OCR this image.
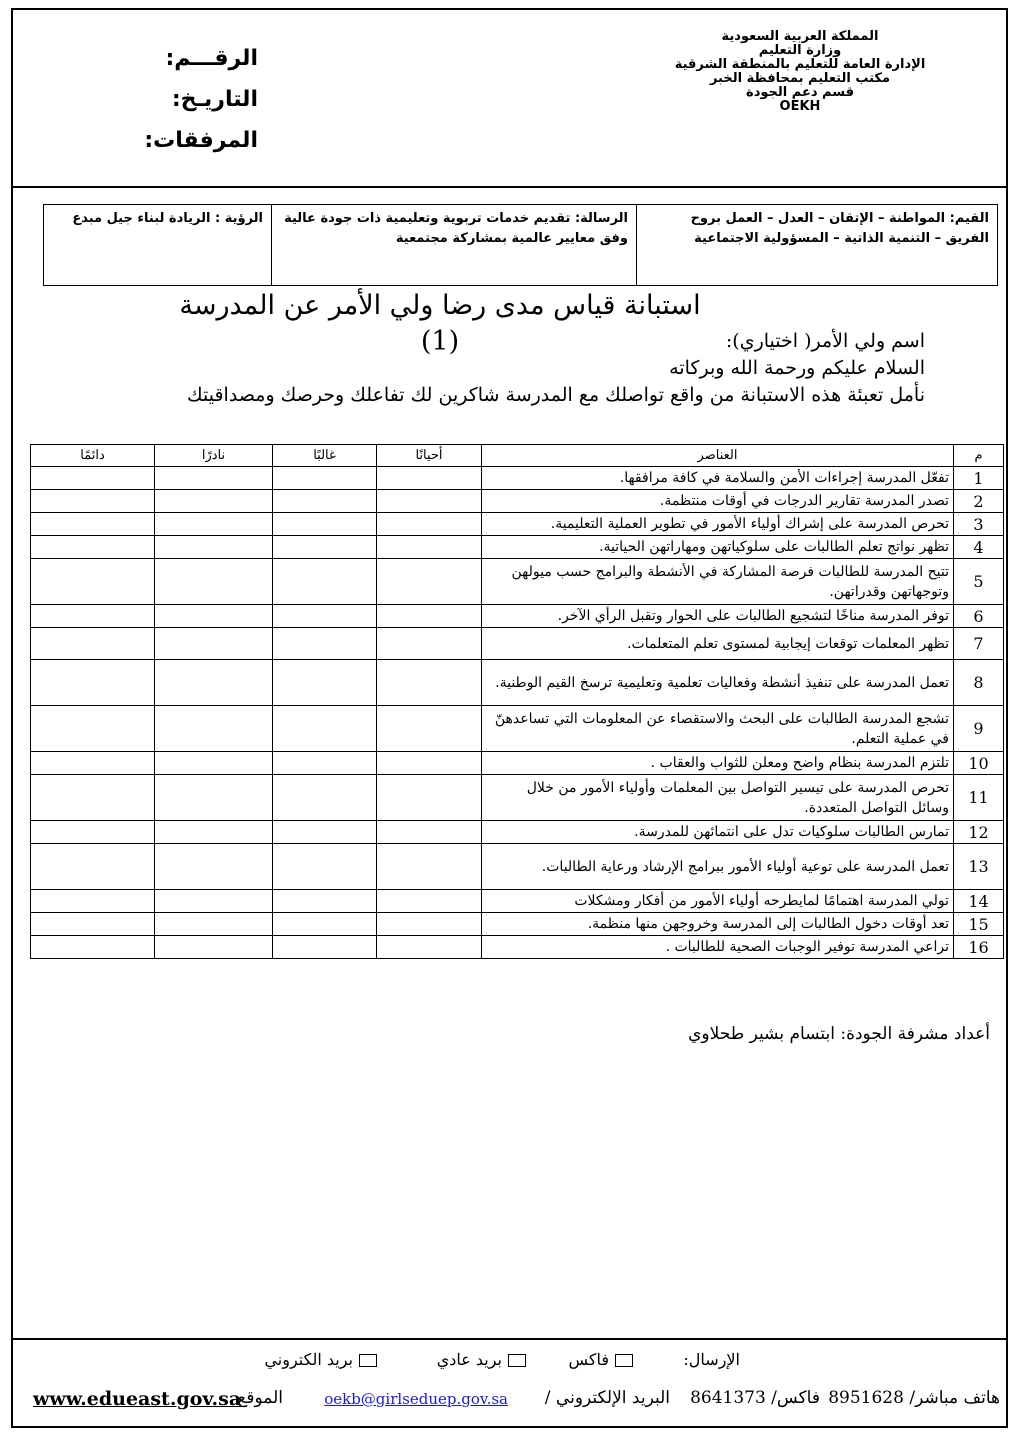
المملكة العربية السعودية
وزارة التعليم
الإدارة العامة للتعليم بالمنطقة الشرقية
مكتب التعليم بمحافظة الخبر
قسم دعم الجودة
OEKH
الرقـــم:
التاريـخ:
المرفقات:
الرؤية : الريادة لبناء جيل مبدع	الرسالة: تقديم خدمات تربوية وتعليمية ذات جودة عالية وفق معايير عالمية بمشاركة مجتمعية
القيم: المواطنة – الإتقان – العدل – العمل بروح الفريق – التنمية الذاتية – المسؤولية الاجتماعية
استبانة قياس مدى رضا ولي الأمر عن المدرسة (1)	اسم ولي الأمر( اختياري):
السلام عليكم ورحمة الله وبركاته
نأمل تعبئة هذه الاستبانة من واقع تواصلك مع المدرسة شاكرين لك تفاعلك وحرصك ومصداقيتك
م	العناصر	أحيانًا	غالبًا	نادرًا	دائمًا
1	تفعّل المدرسة إجراءات الأمن والسلامة في كافة مرافقها.				
2	تصدر المدرسة تقارير الدرجات في أوقات منتظمة.				
3	تحرص المدرسة على إشراك أولياء الأمور في تطوير العملية التعليمية.				
4	تظهر نواتج تعلم الطالبات على سلوكياتهن ومهاراتهن الحياتية.				
5	تتيح المدرسة للطالبات فرصة المشاركة في الأنشطة والبرامج حسب ميولهن وتوجهاتهن وقدراتهن.				
6	توفر المدرسة مناخًا لتشجيع الطالبات على الحوار وتقبل الرأي الآخر.				
7	تظهر المعلمات توقعات إيجابية لمستوى تعلم المتعلمات.				
8	تعمل المدرسة على تنفيذ أنشطة وفعاليات تعلمية وتعليمية ترسخ القيم الوطنية.				
9	تشجع المدرسة الطالبات على البحث والاستقصاء عن المعلومات التي تساعدهنّ في عملية التعلم.				
10	تلتزم المدرسة بنظام واضح ومعلن للثواب والعقاب .				
11	تحرص المدرسة على تيسير التواصل بين المعلمات وأولياء الأمور من خلال وسائل التواصل المتعددة.				
12	تمارس الطالبات سلوكيات تدل على انتمائهن للمدرسة.				
13	تعمل المدرسة على توعية أولياء الأمور ببرامج الإرشاد ورعاية الطالبات.				
14	تولي المدرسة اهتمامًا لمايطرحه أولياء الأمور من أفكار ومشكلات				
15	تعد أوقات دخول الطالبات إلى المدرسة وخروجهن منها منظمة.				
16	تراعي المدرسة توفير الوجبات الصحية للطالبات .				
أعداد مشرفة الجودة: ابتسام بشير طحلاوي
الإرسال:
فاكس
بريد عادي
بريد الكتروني
هاتف مباشر/ 8951628
فاكس/ 8641373
البريد الإلكتروني /
oekb@girlseduep.gov.sa
الموقع
www.edueast.gov.sa
